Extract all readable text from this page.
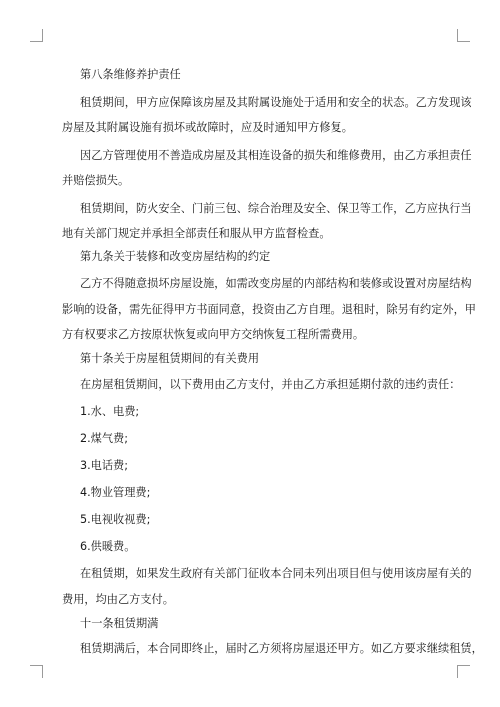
第八条维修养护责任
租赁期间，甲方应保障该房屋及其附属设施处于适用和安全的状态。乙方发现该
房屋及其附属设施有损坏或故障时，应及时通知甲方修复。
因乙方管理使用不善造成房屋及其相连设备的损失和维修费用，由乙方承担责任
并赔偿损失。
租赁期间，防火安全、门前三包、综合治理及安全、保卫等工作，乙方应执行当
地有关部门规定并承担全部责任和服从甲方监督检查。
第九条关于装修和改变房屋结构的约定
乙方不得随意损坏房屋设施，如需改变房屋的内部结构和装修或设置对房屋结构
影响的设备，需先征得甲方书面同意，投资由乙方自理。退租时，除另有约定外，甲
方有权要求乙方按原状恢复或向甲方交纳恢复工程所需费用。
第十条关于房屋租赁期间的有关费用
在房屋租赁期间，以下费用由乙方支付，并由乙方承担延期付款的违约责任：
1.水、电费;
2.煤气费;
3.电话费;
4.物业管理费;
5.电视收视费;
6.供暖费。
在租赁期，如果发生政府有关部门征收本合同未列出项目但与使用该房屋有关的
费用，均由乙方支付。
十一条租赁期满
租赁期满后，本合同即终止，届时乙方须将房屋退还甲方。如乙方要求继续租赁，
